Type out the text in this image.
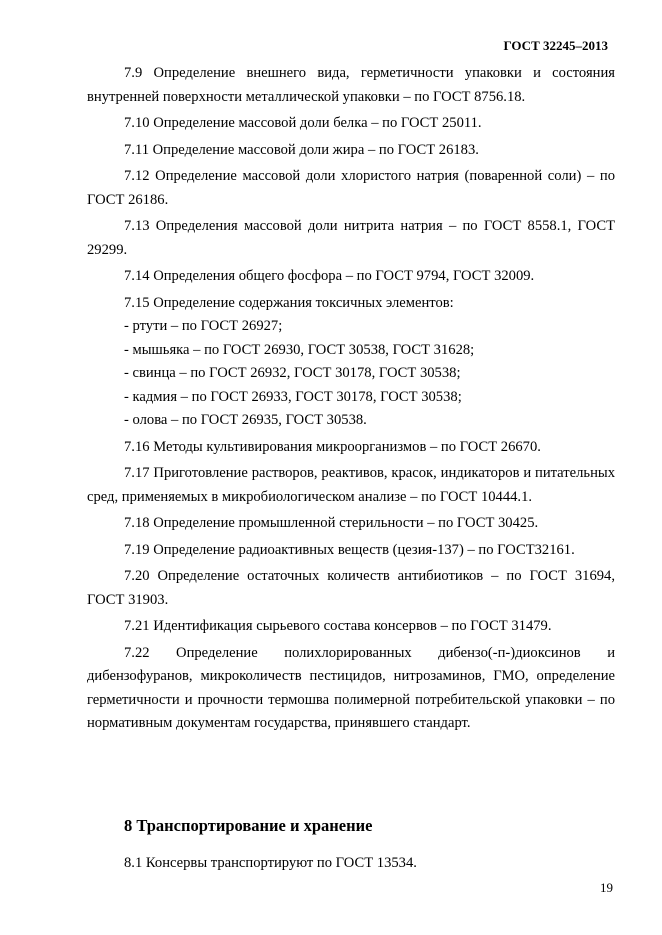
ГОСТ 32245–2013

7.9 Определение внешнего вида, герметичности упаковки и состояния внутренней поверхности металлической упаковки – по ГОСТ 8756.18.

7.10 Определение массовой доли белка – по ГОСТ 25011.

7.11 Определение массовой доли жира – по ГОСТ 26183.

7.12 Определение массовой доли хлористого натрия (поваренной соли) – по ГОСТ 26186.

7.13 Определения массовой доли нитрита натрия – по ГОСТ 8558.1, ГОСТ 29299.

7.14 Определения общего фосфора – по ГОСТ 9794, ГОСТ 32009.

7.15 Определение содержания токсичных элементов:

- ртути – по ГОСТ 26927;

- мышьяка – по ГОСТ 26930, ГОСТ 30538, ГОСТ 31628;

- свинца – по ГОСТ 26932, ГОСТ 30178, ГОСТ 30538;

- кадмия – по ГОСТ 26933, ГОСТ 30178, ГОСТ 30538;

- олова – по ГОСТ 26935, ГОСТ 30538.

7.16 Методы культивирования микроорганизмов – по ГОСТ 26670.

7.17 Приготовление растворов, реактивов, красок, индикаторов и питательных сред, применяемых в микробиологическом анализе – по ГОСТ 10444.1.

7.18 Определение промышленной стерильности – по ГОСТ 30425.

7.19 Определение радиоактивных веществ (цезия-137) – по ГОСТ32161.

7.20 Определение остаточных количеств антибиотиков – по ГОСТ 31694, ГОСТ 31903.

7.21 Идентификация сырьевого состава консервов – по ГОСТ 31479.

7.22 Определение полихлорированных дибензо(-п-)диоксинов и дибензофуранов, микроколичеств пестицидов, нитрозаминов, ГМО, определение герметичности и прочности термошва полимерной потребительской упаковки – по нормативным документам государства, принявшего стандарт.

8 Транспортирование и хранение

8.1 Консервы транспортируют по ГОСТ 13534.

19
